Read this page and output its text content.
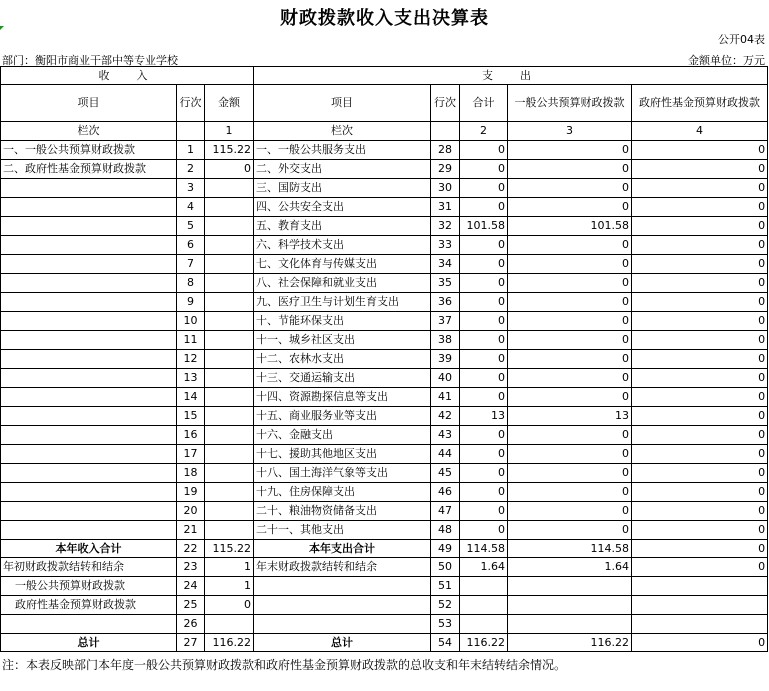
财政拨款收入支出决算表
公开04表
部门：衡阳市商业干部中等专业学校	金额单位：万元
收　入			支　出				
项目	行次	金额	项目	行次	合计	一般公共预算财政拨款	政府性基金预算财政拨款
栏次		1	栏次		2	3	4
一、一般公共预算财政拨款	1	115.22	一、一般公共服务支出	28	0	0	0
二、政府性基金预算财政拨款	2	0	二、外交支出	29	0	0	0
	3		三、国防支出	30	0	0	0
	4		四、公共安全支出	31	0	0	0
	5		五、教育支出	32	101.58	101.58	0
	6		六、科学技术支出	33	0	0	0
	7		七、文化体育与传媒支出	34	0	0	0
	8		八、社会保障和就业支出	35	0	0	0
	9		九、医疗卫生与计划生育支出	36	0	0	0
	10		十、节能环保支出	37	0	0	0
	11		十一、城乡社区支出	38	0	0	0
	12		十二、农林水支出	39	0	0	0
	13		十三、交通运输支出	40	0	0	0
	14		十四、资源勘探信息等支出	41	0	0	0
	15		十五、商业服务业等支出	42	13	13	0
	16		十六、金融支出	43	0	0	0
	17		十七、援助其他地区支出	44	0	0	0
	18		十八、国土海洋气象等支出	45	0	0	0
	19		十九、住房保障支出	46	0	0	0
	20		二十、粮油物资储备支出	47	0	0	0
	21		二十一、其他支出	48	0	0	0
本年收入合计	22	115.22	本年支出合计	49	114.58	114.58	0
年初财政拨款结转和结余	23	1	年末财政拨款结转和结余	50	1.64	1.64	0
一般公共预算财政拨款	24	1		51			
政府性基金预算财政拨款	25	0		52			
	26			53			
总计	27	116.22	总计	54	116.22	116.22	0
注：本表反映部门本年度一般公共预算财政拨款和政府性基金预算财政拨款的总收支和年末结转结余情况。
